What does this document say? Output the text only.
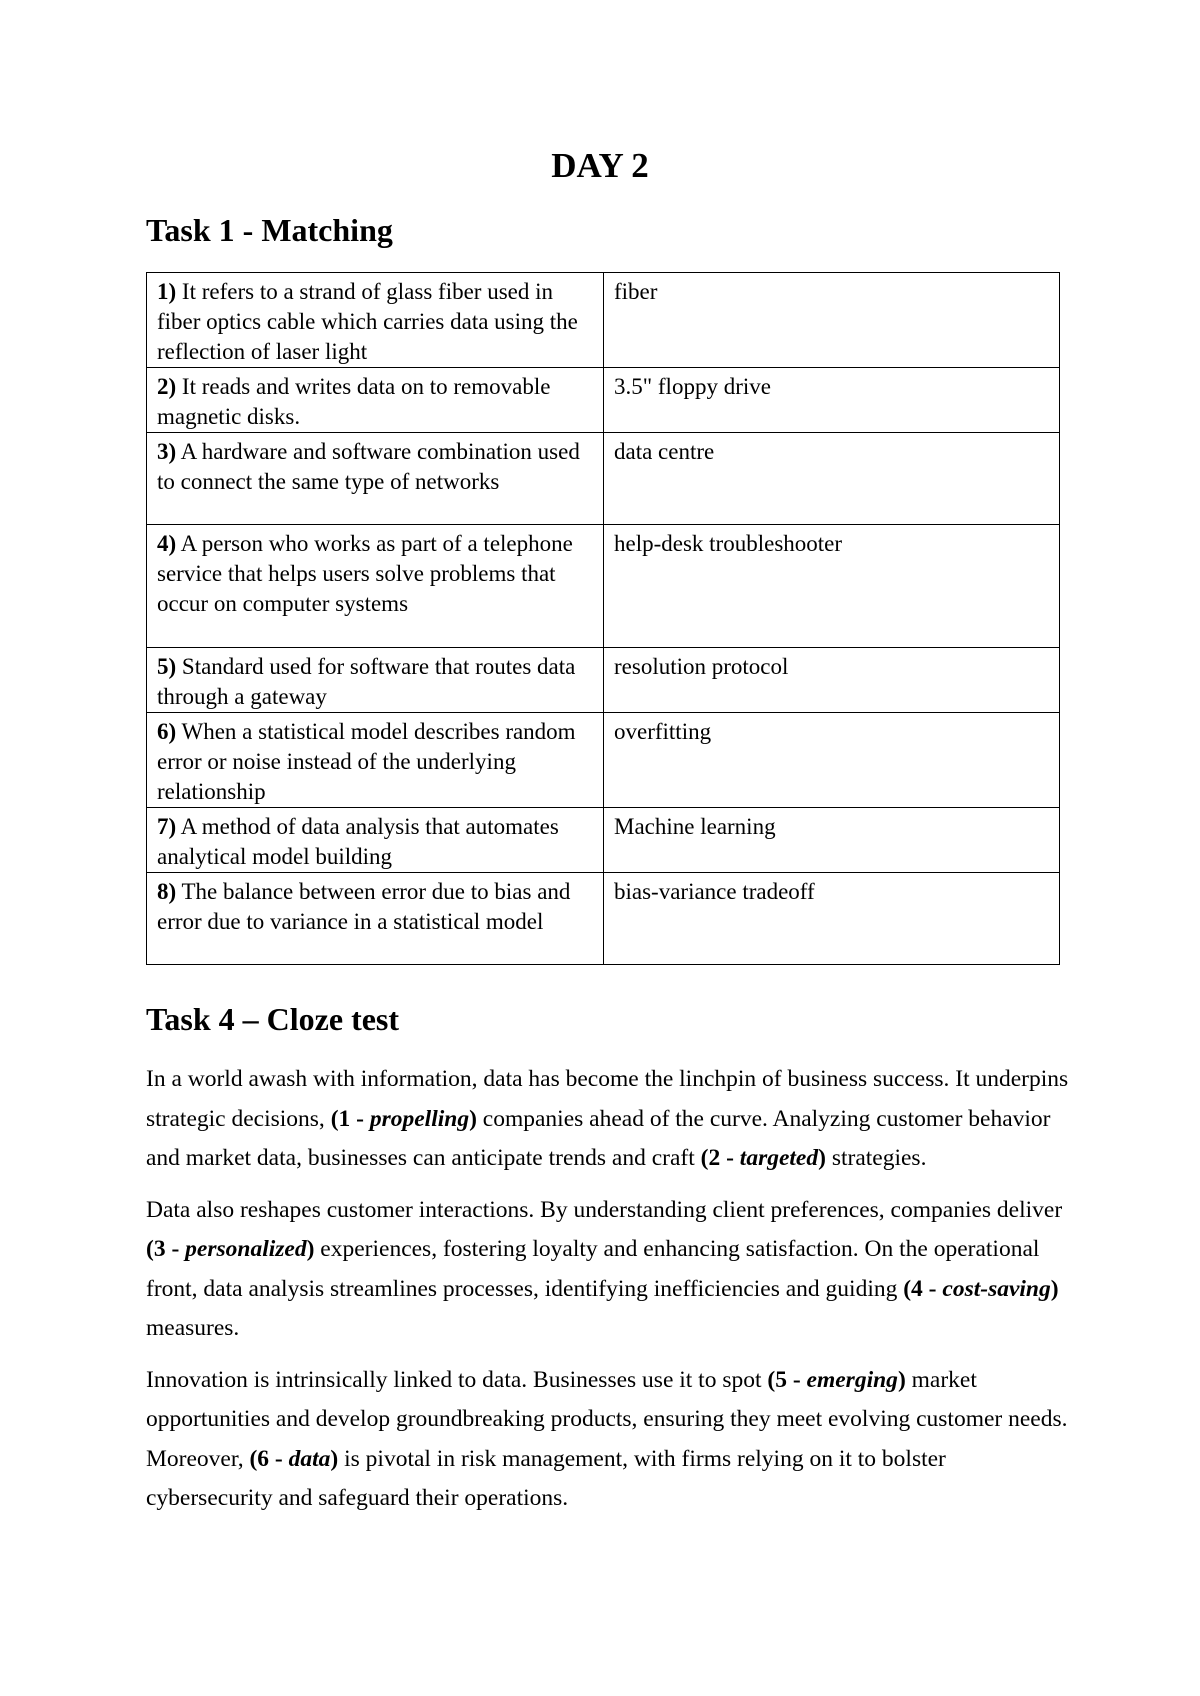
DAY 2
Task 1 - Matching
1) It refers to a strand of glass fiber used in fiber optics cable which carries data using the reflection of laser light	fiber
2) It reads and writes data on to removable magnetic disks.	3.5" floppy drive
3) A hardware and software combination used to connect the same type of networks	data centre
4) A person who works as part of a telephone service that helps users solve problems that occur on computer systems	help-desk troubleshooter
5) Standard used for software that routes data through a gateway	resolution protocol
6) When a statistical model describes random error or noise instead of the underlying relationship	overfitting
7) A method of data analysis that automates analytical model building	Machine learning
8) The balance between error due to bias and error due to variance in a statistical model	bias-variance tradeoff
Task 4 – Cloze test

In a world awash with information, data has become the linchpin of business success. It underpins strategic decisions, (1 - propelling) companies ahead of the curve. Analyzing customer behavior and market data, businesses can anticipate trends and craft (2 - targeted) strategies.

Data also reshapes customer interactions. By understanding client preferences, companies deliver (3 - personalized) experiences, fostering loyalty and enhancing satisfaction. On the operational front, data analysis streamlines processes, identifying inefficiencies and guiding (4 - cost-saving) measures.

Innovation is intrinsically linked to data. Businesses use it to spot (5 - emerging) market opportunities and develop groundbreaking products, ensuring they meet evolving customer needs. Moreover, (6 - data) is pivotal in risk management, with firms relying on it to bolster cybersecurity and safeguard their operations.
